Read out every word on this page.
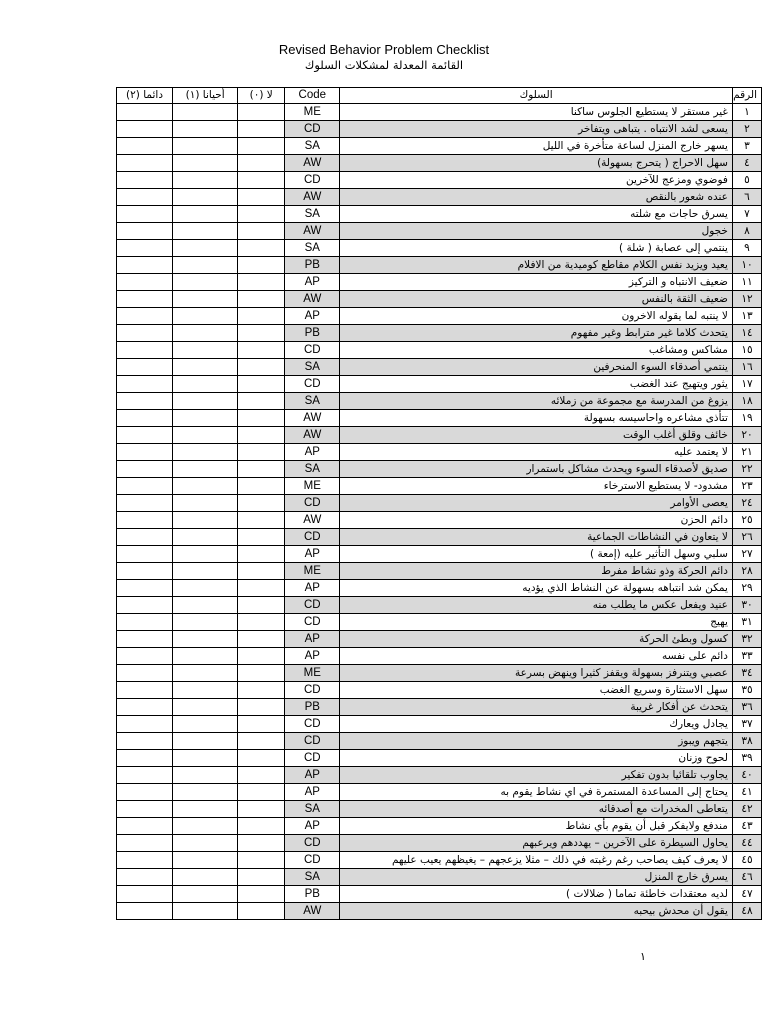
Revised Behavior Problem Checklist
القائمة المعدلة لمشكلات السلوك
دائما (٢)	أحيانا (١)	لا (٠)	Code	السلوك	الرقم
			ME	غير مستقر لا يستطيع الجلوس ساكنا	١
			CD	يسعى لشد الانتباه . يتباهى ويتفاخر	٢
			SA	يسهر خارج المنزل لساعة متأخرة في الليل	٣
			AW	سهل الاحراج ( يتحرج بسهولة)	٤
			CD	فوضوي ومزعج للآخرين	٥
			AW	عنده شعور بالنقص	٦
			SA	يسرق حاجات مع شلته	٧
			AW	خجول	٨
			SA	ينتمي إلى عصابة ( شلة )	٩
			PB	يعيد ويزيد نفس الكلام مقاطع كوميدية من الافلام	١٠
			AP	ضعيف الانتباه و التركيز	١١
			AW	ضعيف الثقة بالنفس	١٢
			AP	لا ينتبه لما يقوله الاخرون	١٣
			PB	يتحدث كلاما غير مترابط وغير مفهوم	١٤
			CD	مشاكس ومشاغب	١٥
			SA	ينتمي أصدقاء السوء المنحرفين	١٦
			CD	يثور ويتهيج عند الغضب	١٧
			SA	يزوغ من المدرسة مع مجموعة من زملائه	١٨
			AW	تتأذى مشاعره واحاسيسه بسهولة	١٩
			AW	خائف وقلق أغلب الوقت	٢٠
			AP	لا يعتمد عليه	٢١
			SA	صديق لأصدقاء السوء ويحدث مشاكل باستمرار	٢٢
			ME	مشدود- لا يستطيع الاسترخاء	٢٣
			CD	يعصى الأوامر	٢٤
			AW	دائم الحزن	٢٥
			CD	لا يتعاون في النشاطات الجماعية	٢٦
			AP	سلبي وسهل التأثير عليه (إمعة )	٢٧
			ME	دائم الحركة وذو نشاط مفرط	٢٨
			AP	يمكن شد انتباهه بسهولة عن النشاط الذي يؤديه	٢٩
			CD	عنيد ويفعل عكس ما يطلب منه	٣٠
			CD	يهيج	٣١
			AP	كسول وبطئ الحركة	٣٢
			AP	دائم على نفسه	٣٣
			ME	عصبي ويتنرفز بسهولة ويقفز كثيرا وينهض بسرعة	٣٤
			CD	سهل الاستثارة وسريع الغضب	٣٥
			PB	يتحدث عن أفكار غريبة	٣٦
			CD	يجادل ويعارك	٣٧
			CD	يتجهم ويبوز	٣٨
			CD	لحوح وزنان	٣٩
			AP	يجاوب تلقائيا بدون تفكير	٤٠
			AP	يحتاج إلى المساعدة المستمرة في اي نشاط يقوم به	٤١
			SA	يتعاطى المخدرات مع أصدقائه	٤٢
			AP	مندفع ولايفكر قبل أن يقوم بأي نشاط	٤٣
			CD	يحاول السيطرة على الآخرين – يهددهم ويرعبهم	٤٤
			CD	لا يعرف كيف يصاحب رغم رغبته في ذلك – مثلا يزعجهم – يغيظهم يعيب عليهم	٤٥
			SA	يسرق خارج المنزل	٤٦
			PB	لديه معتقدات خاطئة تماما ( ضلالات )	٤٧
			AW	يقول أن محدش بيحبه	٤٨
١
